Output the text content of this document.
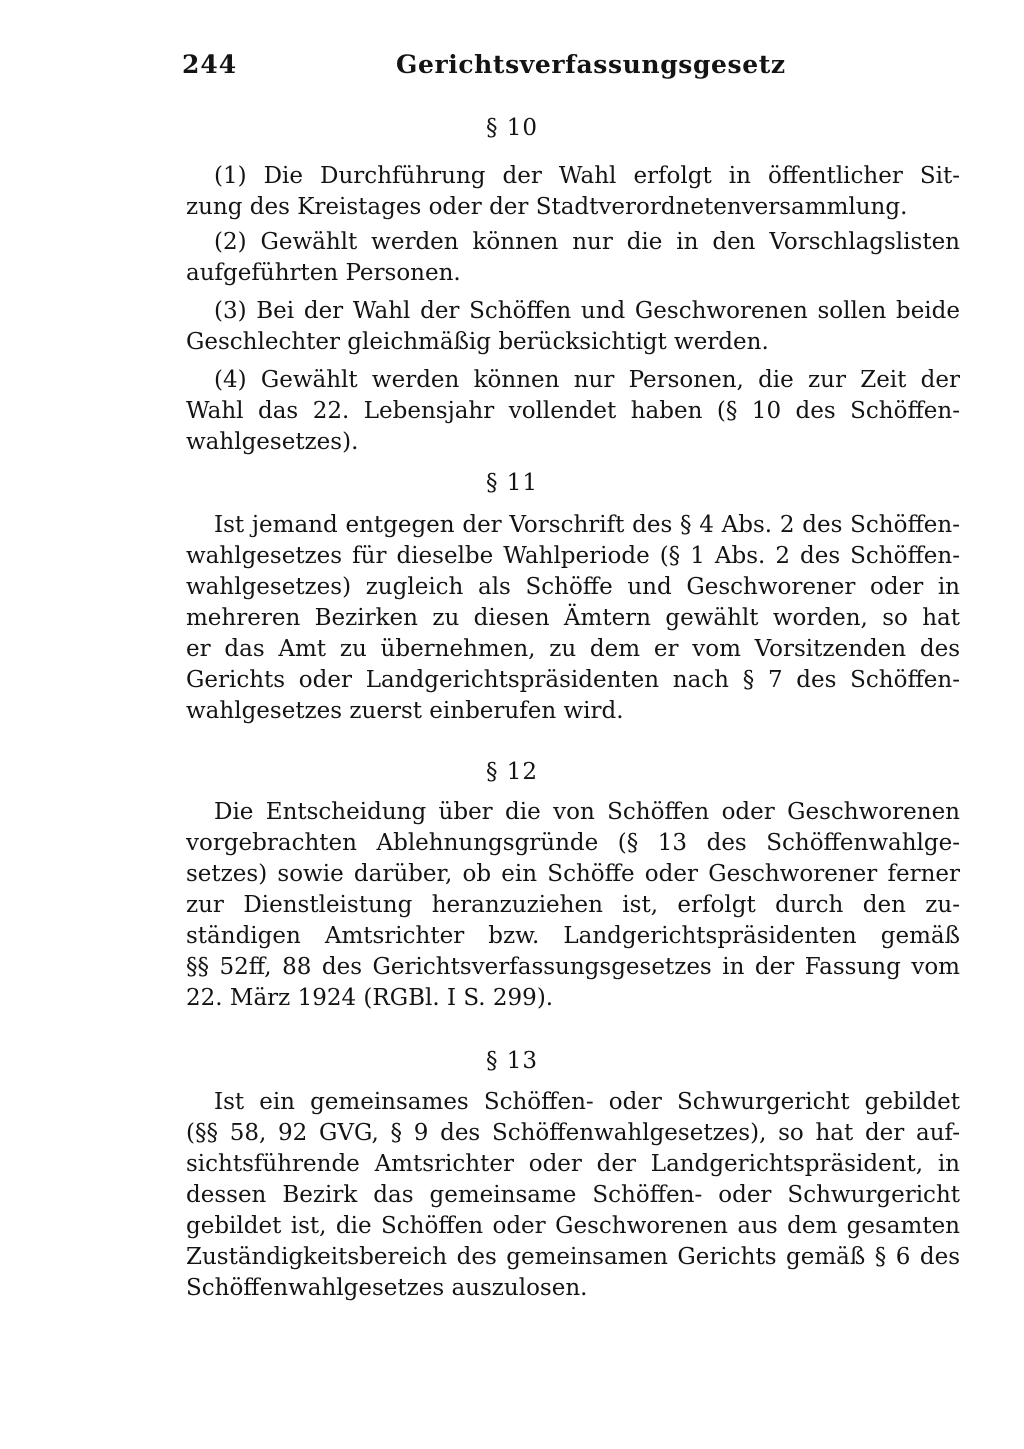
244	Gerichtsverfassungsgesetz
§ 10
(1) Die Durchführung der Wahl erfolgt in öffentlicher Sit-
zung des Kreistages oder der Stadtverordnetenversammlung.
(2) Gewählt werden können nur die in den Vorschlagslisten
aufgeführten Personen.
(3) Bei der Wahl der Schöffen und Geschworenen sollen beide
Geschlechter gleichmäßig berücksichtigt werden.
(4) Gewählt werden können nur Personen, die zur Zeit der
Wahl das 22. Lebensjahr vollendet haben (§ 10 des Schöffen-
wahlgesetzes).
§ 11
Ist jemand entgegen der Vorschrift des § 4 Abs. 2 des Schöffen-
wahlgesetzes für dieselbe Wahlperiode (§ 1 Abs. 2 des Schöffen-
wahlgesetzes) zugleich als Schöffe und Geschworener oder in
mehreren Bezirken zu diesen Ämtern gewählt worden, so hat
er das Amt zu übernehmen, zu dem er vom Vorsitzenden des
Gerichts oder Landgerichtspräsidenten nach § 7 des Schöffen-
wahlgesetzes zuerst einberufen wird.
§ 12
Die Entscheidung über die von Schöffen oder Geschworenen
vorgebrachten Ablehnungsgründe (§ 13 des Schöffenwahlge-
setzes) sowie darüber, ob ein Schöffe oder Geschworener ferner
zur Dienstleistung heranzuziehen ist, erfolgt durch den zu-
ständigen Amtsrichter bzw. Landgerichtspräsidenten gemäß
§§ 52ff, 88 des Gerichtsverfassungsgesetzes in der Fassung vom
22. März 1924 (RGBl. I S. 299).
§ 13
Ist ein gemeinsames Schöffen- oder Schwurgericht gebildet
(§§ 58, 92 GVG, § 9 des Schöffenwahlgesetzes), so hat der auf-
sichtsführende Amtsrichter oder der Landgerichtspräsident, in
dessen Bezirk das gemeinsame Schöffen- oder Schwurgericht
gebildet ist, die Schöffen oder Geschworenen aus dem gesamten
Zuständigkeitsbereich des gemeinsamen Gerichts gemäß § 6 des
Schöffenwahlgesetzes auszulosen.
